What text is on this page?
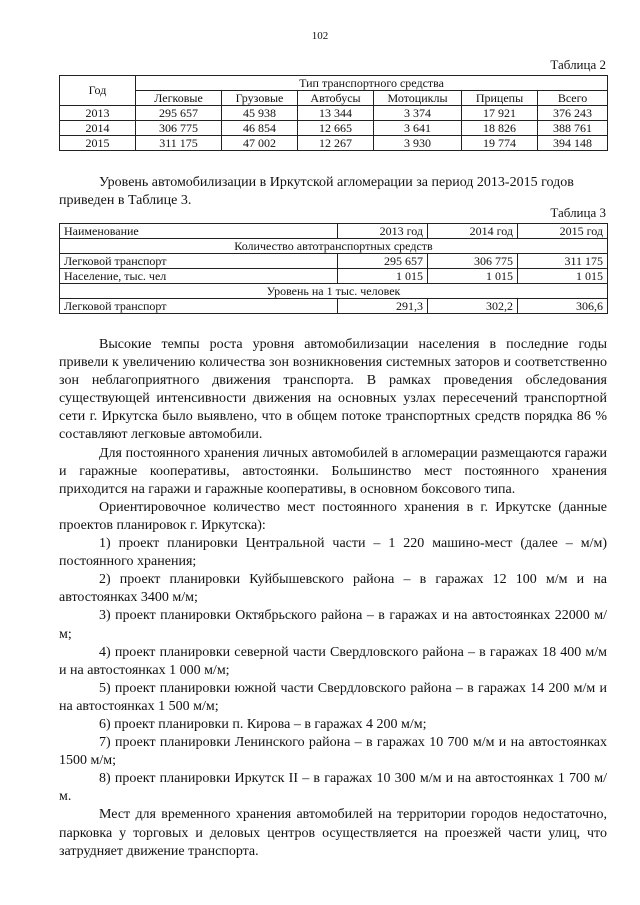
102
Таблица 2
Год	Тип транспортного средства					
	Легковые	Грузовые	Автобусы	Мотоциклы	Прицепы	Всего
2013	295 657	45 938	13 344	3 374	17 921	376 243
2014	306 775	46 854	12 665	3 641	18 826	388 761
2015	311 175	47 002	12 267	3 930	19 774	394 148
Уровень автомобилизации в Иркутской агломерации за период 2013-2015 годов приведен в Таблице 3.
Таблица 3
Наименование	2013 год	2014 год	2015 год
Количество автотранспортных средств			
Легковой транспорт	295 657	306 775	311 175
Население, тыс. чел	1 015	1 015	1 015
Уровень на 1 тыс. человек			
Легковой транспорт	291,3	302,2	306,6

Высокие темпы роста уровня автомобилизации населения в последние годы привели к увеличению количества зон возникновения системных заторов и соответственно зон неблагоприятного движения транспорта. В рамках проведения обследования существующей интенсивности движения на основных узлах пересечений транспортной сети г. Иркутска было выявлено, что в общем потоке транспортных средств порядка 86 % составляют легковые автомобили.

Для постоянного хранения личных автомобилей в агломерации размещаются гаражи и гаражные кооперативы, автостоянки. Большинство мест постоянного хранения приходится на гаражи и гаражные кооперативы, в основном боксового типа.

Ориентировочное количество мест постоянного хранения в г. Иркутске (данные проектов планировок г. Иркутска):

1) проект планировки Центральной части – 1 220 машино-мест (далее – м/м) постоянного хранения;

2) проект планировки Куйбышевского района – в гаражах 12 100 м/м и на автостоянках 3400 м/м;

3) проект планировки Октябрьского района – в гаражах и на автостоянках 22000 м/м;

4) проект планировки северной части Свердловского района – в гаражах 18 400 м/м и на автостоянках 1 000 м/м;

5) проект планировки южной части Свердловского района – в гаражах 14 200 м/м и на автостоянках 1 500 м/м;

6) проект планировки п. Кирова – в гаражах 4 200 м/м;

7) проект планировки Ленинского района – в гаражах 10 700 м/м и на автостоянках 1500 м/м;

8) проект планировки Иркутск II – в гаражах 10 300 м/м и на автостоянках 1 700 м/м.

Мест для временного хранения автомобилей на территории городов недостаточно, парковка у торговых и деловых центров осуществляется на проезжей части улиц, что затрудняет движение транспорта.
